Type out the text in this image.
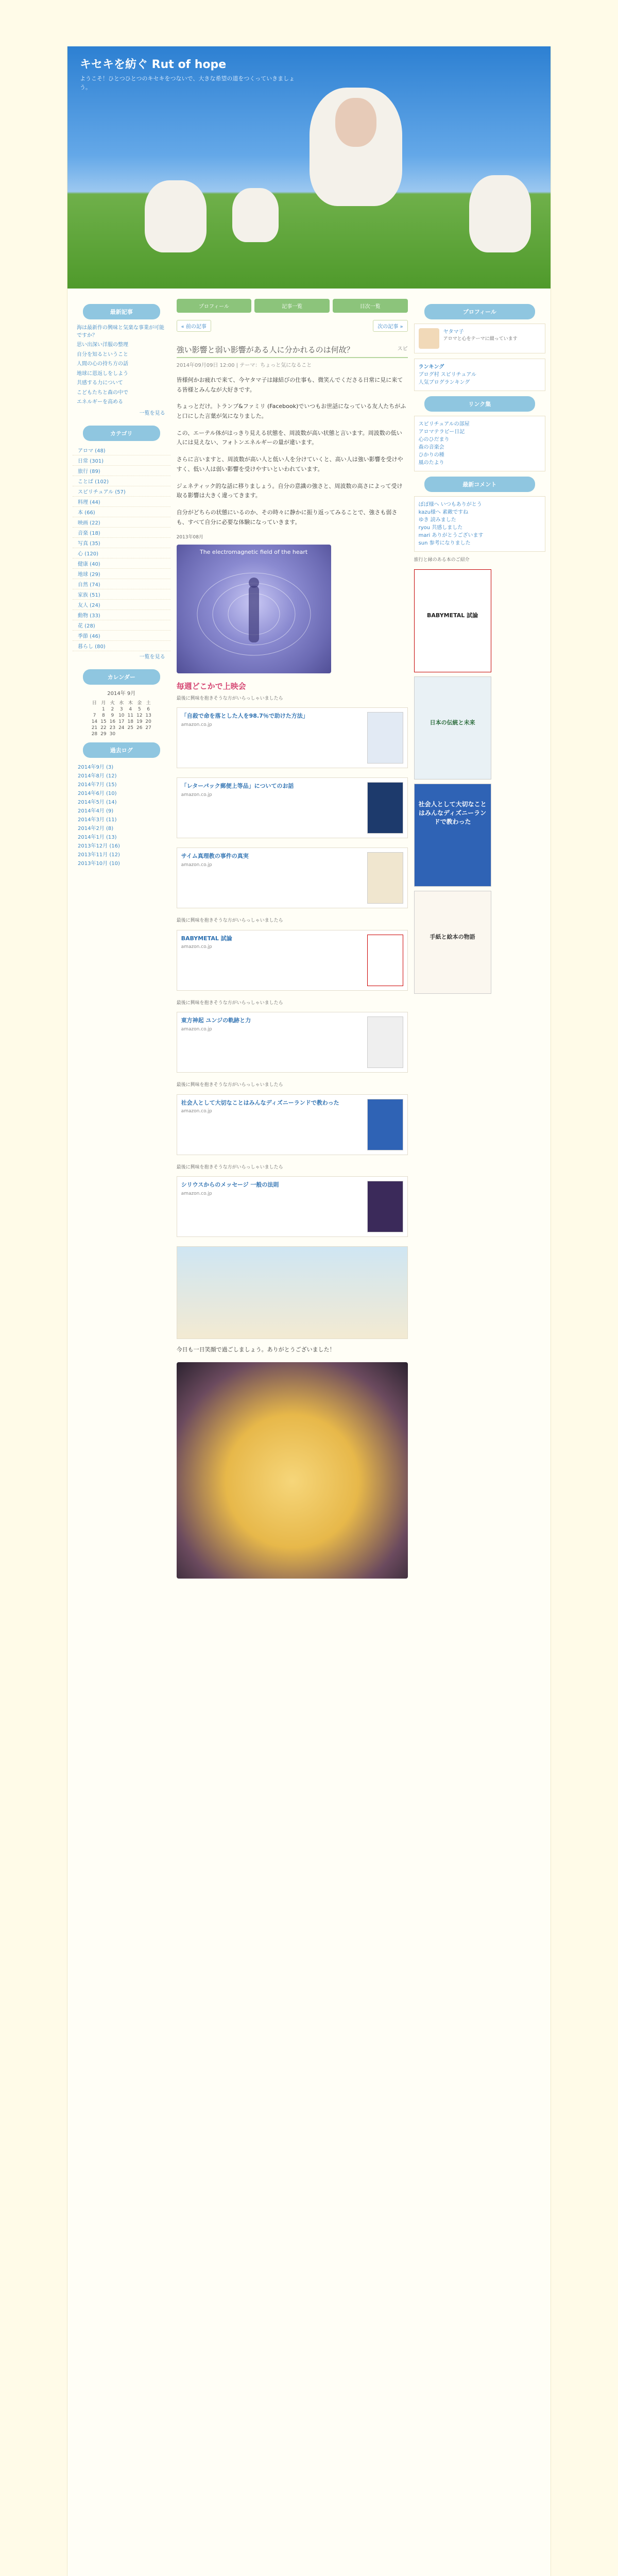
キセキを紡ぐ Rut of hope
ようこそ！ひとつひとつのキセキをつないで、大きな希望の道をつくっていきましょう。
最新記事
海は最新作の興味と気楽な事業が可能ですか？
思い出深い洋服の整理
自分を知るということ
人間の心の持ち方の話
地球に恩返しをしよう
共感する力について
こどもたちと森の中で
エネルギーを高める
一覧を見る
カテゴリ
アロマ (48)
日常 (301)
旅行 (89)
ことば (102)
スピリチュアル (57)
料理 (44)
本 (66)
映画 (22)
音楽 (18)
写真 (35)
心 (120)
健康 (40)
地球 (29)
自然 (74)
家族 (51)
友人 (24)
動物 (33)
花 (28)
季節 (46)
暮らし (80)
一覧を見る
カレンダー
2014年 9月
日	月	火	水	木	金	土
	1	2	3	4	5	6
7	8	9	10	11	12	13
14	15	16	17	18	19	20
21	22	23	24	25	26	27
28	29	30				
過去ログ
2014年9月 (3)
2014年8月 (12)
2014年7月 (15)
2014年6月 (10)
2014年5月 (14)
2014年4月 (9)
2014年3月 (11)
2014年2月 (8)
2014年1月 (13)
2013年12月 (16)
2013年11月 (12)
2013年10月 (10)
プロフィール	記事一覧	目次一覧
« 前の記事	次の記事 »
強い影響と弱い影響がある人に分かれるのは何故？	スピ
2014年09月09日 12:00 | テーマ：ちょっと気になること
皆様何かお疲れで来て、今ヤタマ子は縁結びの仕事も、微笑んでくださる日常に見に来てる皆様とみんなが大好きです。
ちょっとだけ。トランプ&ファミリ (Facebook)でいつもお世話になっている友人たちがふと口にした言葉が気になりました。
この、エーテル体がはっきり見える状態を、周波数が高い状態と言います。周波数の低い人には見えない、フォトンエネルギーの量が違います。
さらに言いますと、周波数が高い人と低い人を分けていくと、高い人は強い影響を受けやすく、低い人は弱い影響を受けやすいといわれています。
ジェネティック的な話に移りましょう。自分の意識の強さと、周波数の高さによって受け取る影響は大きく違ってきます。
自分がどちらの状態にいるのか、その時々に静かに振り返ってみることで、強さも弱さも、すべて自分に必要な体験になっていきます。
2013年08月
The electromagnetic field of the heart
毎週どこかで上映会
最後に興味を抱きそうな方がいらっしゃいましたら
「自殺で命を落とした人を98.7％で助けた方法」
amazon.co.jp
「レターパック郵便上等品」についてのお話
amazon.co.jp
サイム真理教の事件の真実
amazon.co.jp
最後に興味を抱きそうな方がいらっしゃいましたら
BABYMETAL 試論
amazon.co.jp
最後に興味を抱きそうな方がいらっしゃいましたら
東方神起 ユンジの軌跡と力
amazon.co.jp
最後に興味を抱きそうな方がいらっしゃいましたら
社会人として大切なことはみんなディズニーランドで教わった
amazon.co.jp
最後に興味を抱きそうな方がいらっしゃいましたら
シリウスからのメッセージ 一般の法則
amazon.co.jp
今日も一日笑顔で過ごしましょう。ありがとうございました！
プロフィール
ヤタマ子
アロマと心をテーマに綴っています
ランキング
ブログ村 スピリチュアル
人気ブログランキング
リンク集
スピリチュアルの部屋
アロマテラピー日記
心のひだまり
森の音楽会
ひかりの種
風のたより
最新コメント
ぽぽ様へ いつもありがとう
kazu様へ 素敵ですね
ゆき 読みました
ryou 共感しました
mari ありがとうございます
sun 参考になりました
旅行と縁のある本のご紹介
BABYMETAL 試論
日本の伝統と未来
社会人として大切なことはみんなディズニーランドで教わった
手紙と絵本の物語
